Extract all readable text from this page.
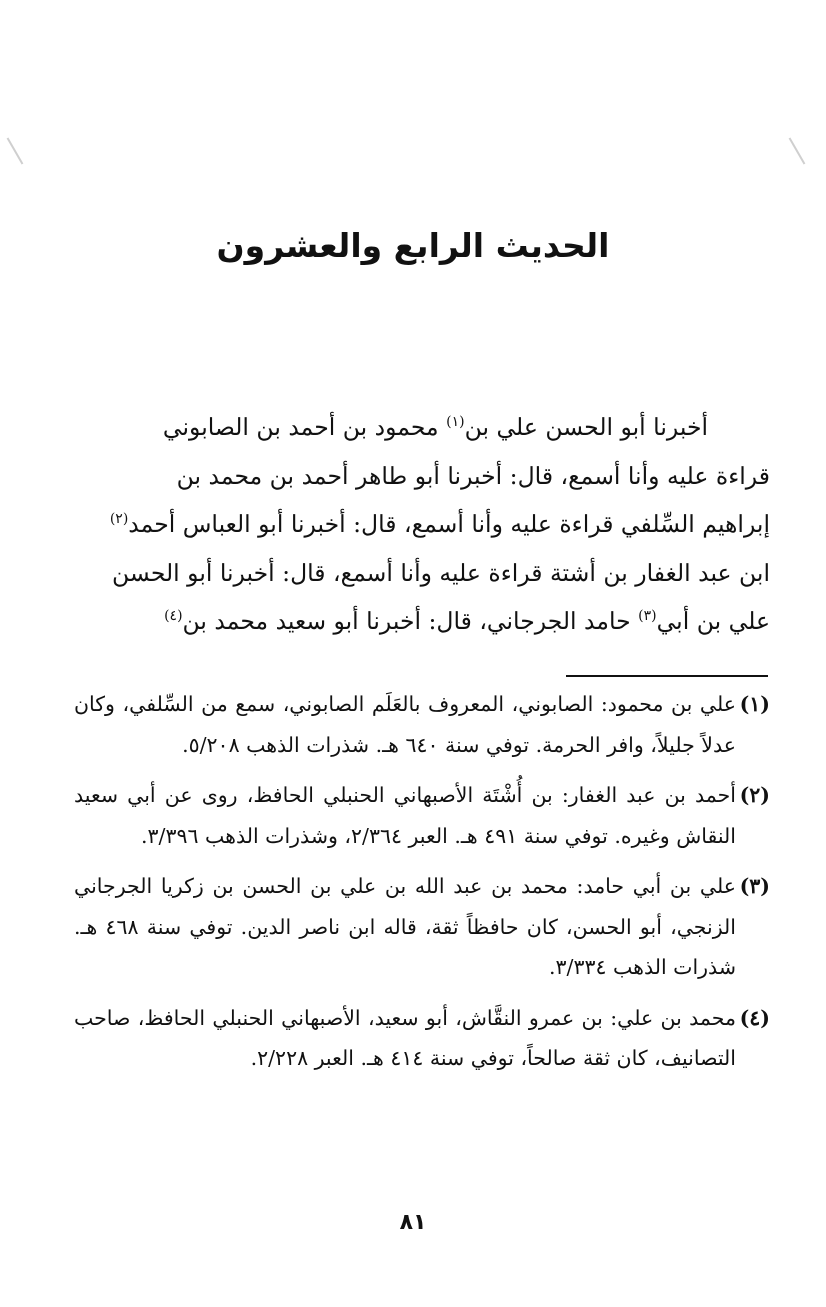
الحديث الرابع والعشرون
أخبرنا أبو الحسن علي بن$^{(١)}$ محمود بن أحمد بن الصابوني
قراءة عليه وأنا أسمع، قال: أخبرنا أبو طاهر أحمد بن محمد بن
إبراهيم السِّلفي قراءة عليه وأنا أسمع، قال: أخبرنا أبو العباس أحمد$^{(٢)}$
ابن عبد الغفار بن أشتة قراءة عليه وأنا أسمع، قال: أخبرنا أبو الحسن
علي بن أبي$^{(٣)}$ حامد الجرجاني، قال: أخبرنا أبو سعيد محمد بن$^{(٤)}$

(١)علي بن محمود: الصابوني، المعروف بالعَلَم الصابوني، سمع من السِّلفي، وكان عدلاً جليلاً، وافر الحرمة. توفي سنة ٦٤٠ هـ. شذرات الذهب ٥/٢٠٨.

(٢)أحمد بن عبد الغفار: بن أُشْتَة الأصبهاني الحنبلي الحافظ، روى عن أبي سعيد النقاش وغيره. توفي سنة ٤٩١ هـ. العبر ٢/٣٦٤، وشذرات الذهب ٣/٣٩٦.

(٣)علي بن أبي حامد: محمد بن عبد الله بن علي بن الحسن بن زكريا الجرجاني الزنجي، أبو الحسن، كان حافظاً ثقة، قاله ابن ناصر الدين. توفي سنة ٤٦٨ هـ. شذرات الذهب ٣/٣٣٤.

(٤)محمد بن علي: بن عمرو النقَّاش، أبو سعيد، الأصبهاني الحنبلي الحافظ، صاحب التصانيف، كان ثقة صالحاً، توفي سنة ٤١٤ هـ. العبر ٢/٢٢٨.

٨١
